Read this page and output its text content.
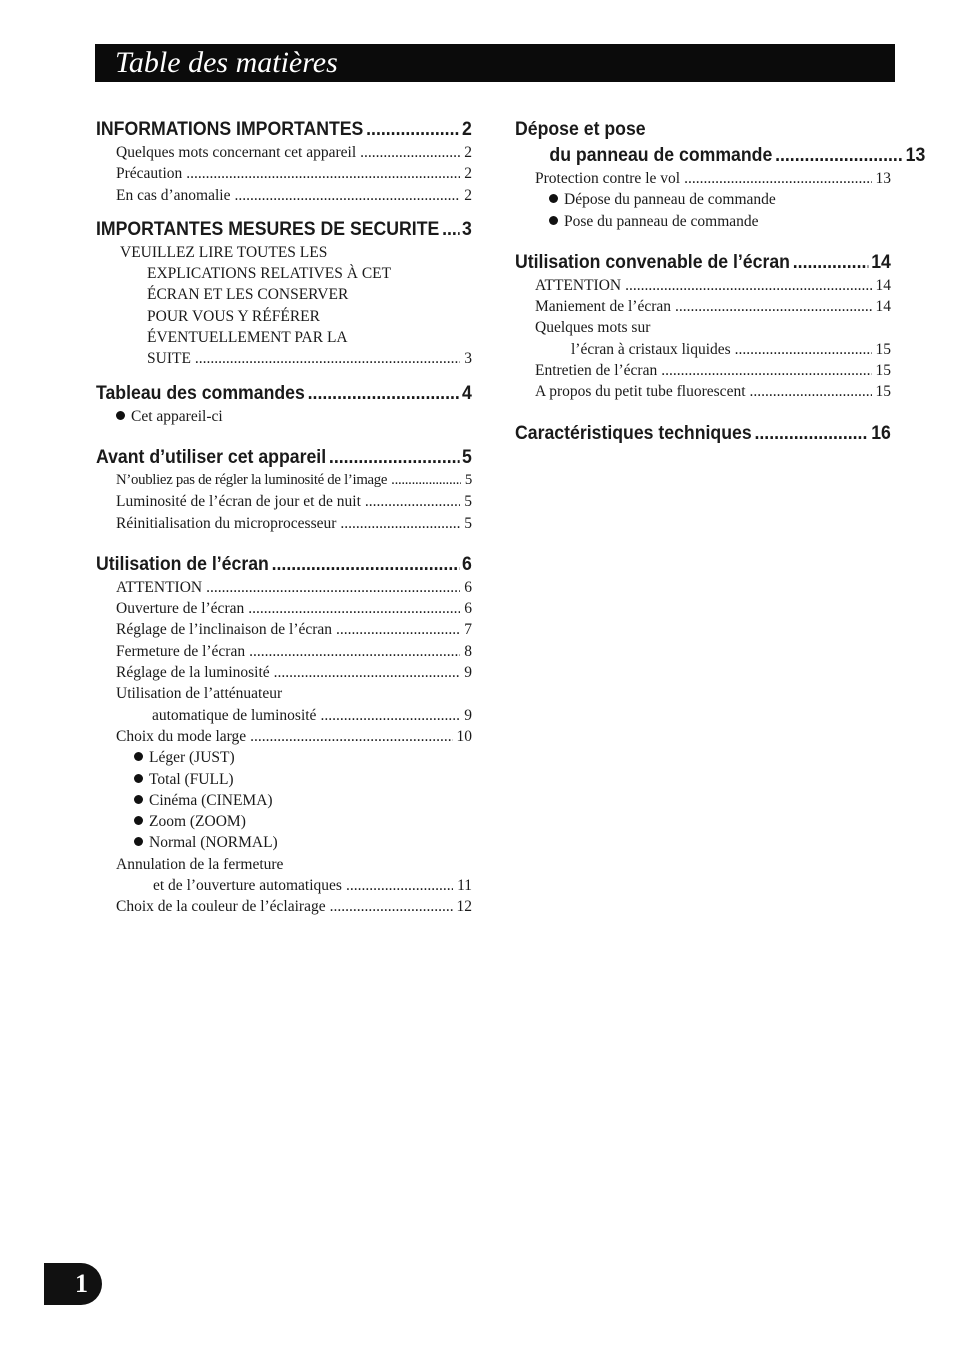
Table des matières
INFORMATIONS IMPORTANTES .....	2
Quelques mots concernant cet appareil .....	2
Précaution .....	2
En cas d’anomalie .....	2
IMPORTANTES MESURES DE SECURITE ..... 3
VEUILLEZ LIRE TOUTES LES
EXPLICATIONS RELATIVES À CET
ÉCRAN ET LES CONSERVER
POUR VOUS Y RÉFÉRER
ÉVENTUELLEMENT PAR LA
SUITE .....	3
Tableau des commandes .....	4
Cet appareil-ci
Avant d’utiliser cet appareil .....	5
N’oubliez pas de régler la luminosité de l’image .....	5
Luminosité de l’écran de jour et de nuit .....	5
Réinitialisation du microprocesseur .....	5
Utilisation de l’écran .....	6
ATTENTION .....	6
Ouverture de l’écran .....	6
Réglage de l’inclinaison de l’écran .....	7
Fermeture de l’écran .....	8
Réglage de la luminosité .....	9
Utilisation de l’atténuateur
automatique de luminosité .....	9
Choix du mode large .....	10
Léger (JUST)
Total (FULL)
Cinéma (CINEMA)
Zoom (ZOOM)
Normal (NORMAL)
Annulation de la fermeture
et de l’ouverture automatiques .....	11
Choix de la couleur de l’éclairage .....	12
Dépose et pose
du panneau de commande .....	13
Protection contre le vol .....	13
Dépose du panneau de commande
Pose du panneau de commande
Utilisation convenable de l’écran .....	14
ATTENTION .....	14
Maniement de l’écran .....	14
Quelques mots sur
l’écran à cristaux liquides .....	15
Entretien de l’écran .....	15
A propos du petit tube fluorescent .....	15
Caractéristiques techniques .....	16
1
